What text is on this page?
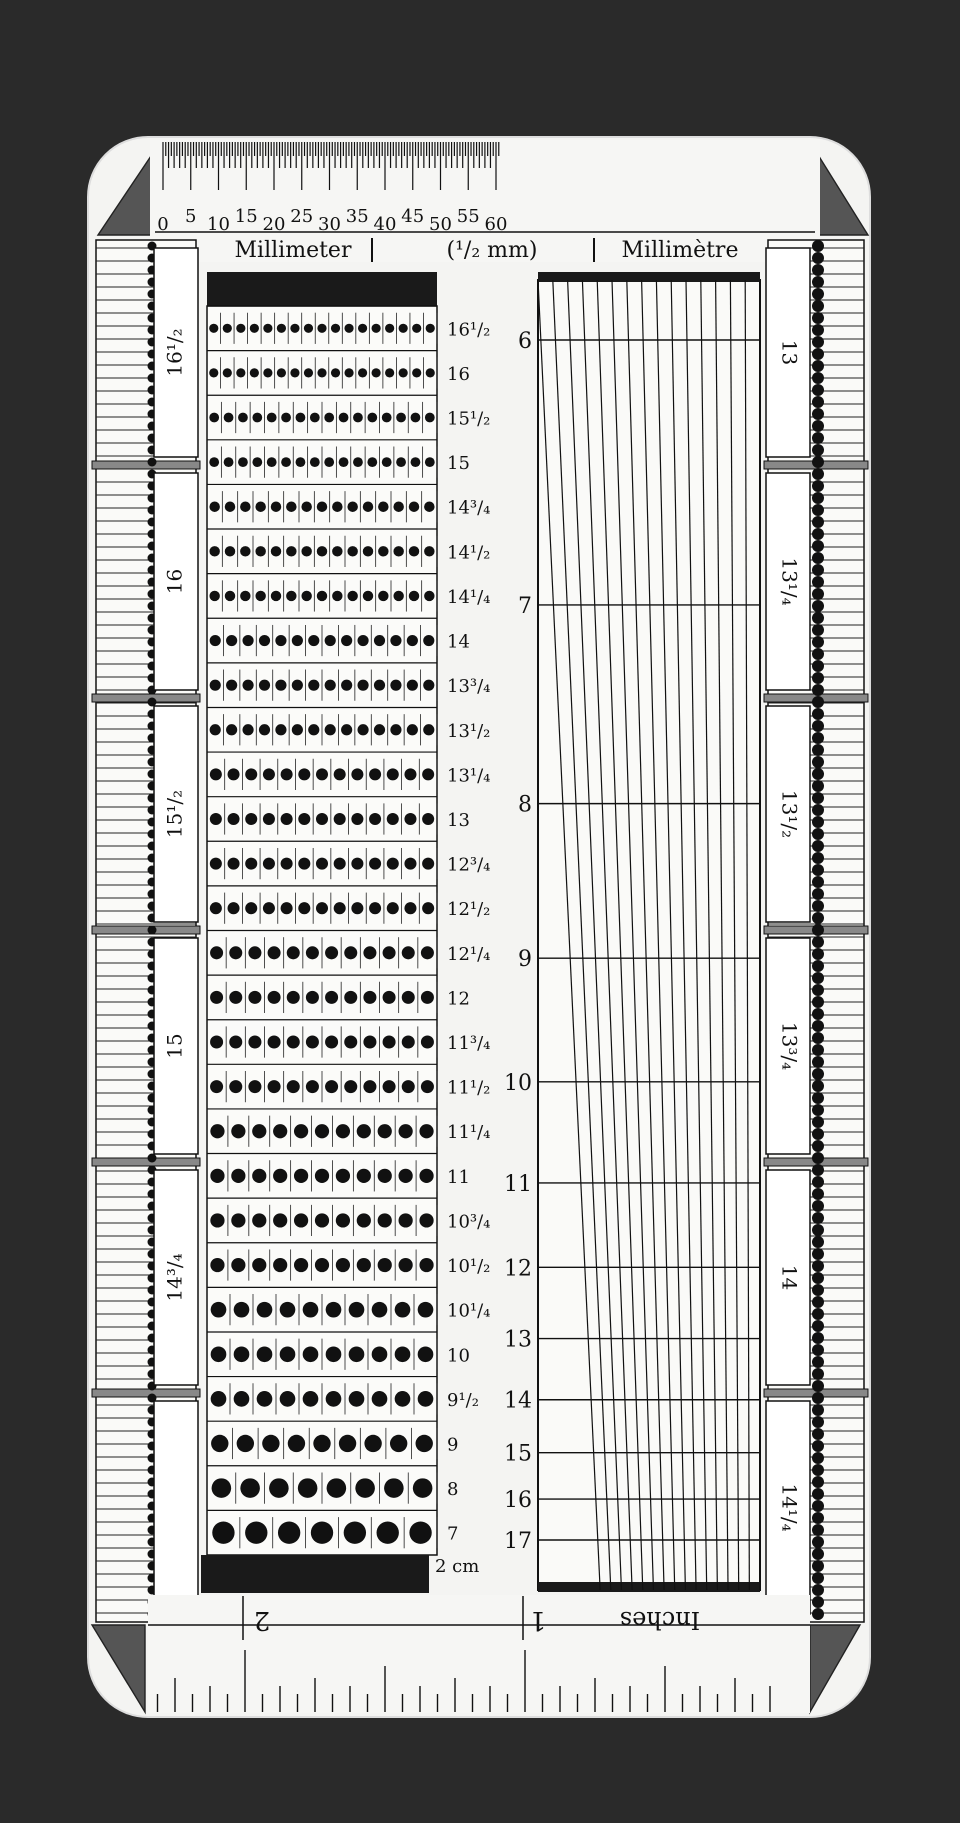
0 5 10 15 20 25 30 35 40 45 50 55 60
Millimeter	(¹/₂ mm)	Millimètre
16¹/₂
16
15¹/₂
15
14³/₄
13
13¹/₄
13¹/₂
13³/₄
14
14¹/₄
16¹/₂
16
15¹/₂
15
14³/₄
14¹/₂
14¹/₄
14
13³/₄
13¹/₂
13¹/₄
13
12³/₄
12¹/₂
12¹/₄
12
11³/₄
11¹/₂
11¹/₄
11
10³/₄
10¹/₂
10¹/₄
10
9¹/₂
9
8
7
2 cm
6
7
8
9
10
11
12
13
14
15
16
17
2	1	Inches
